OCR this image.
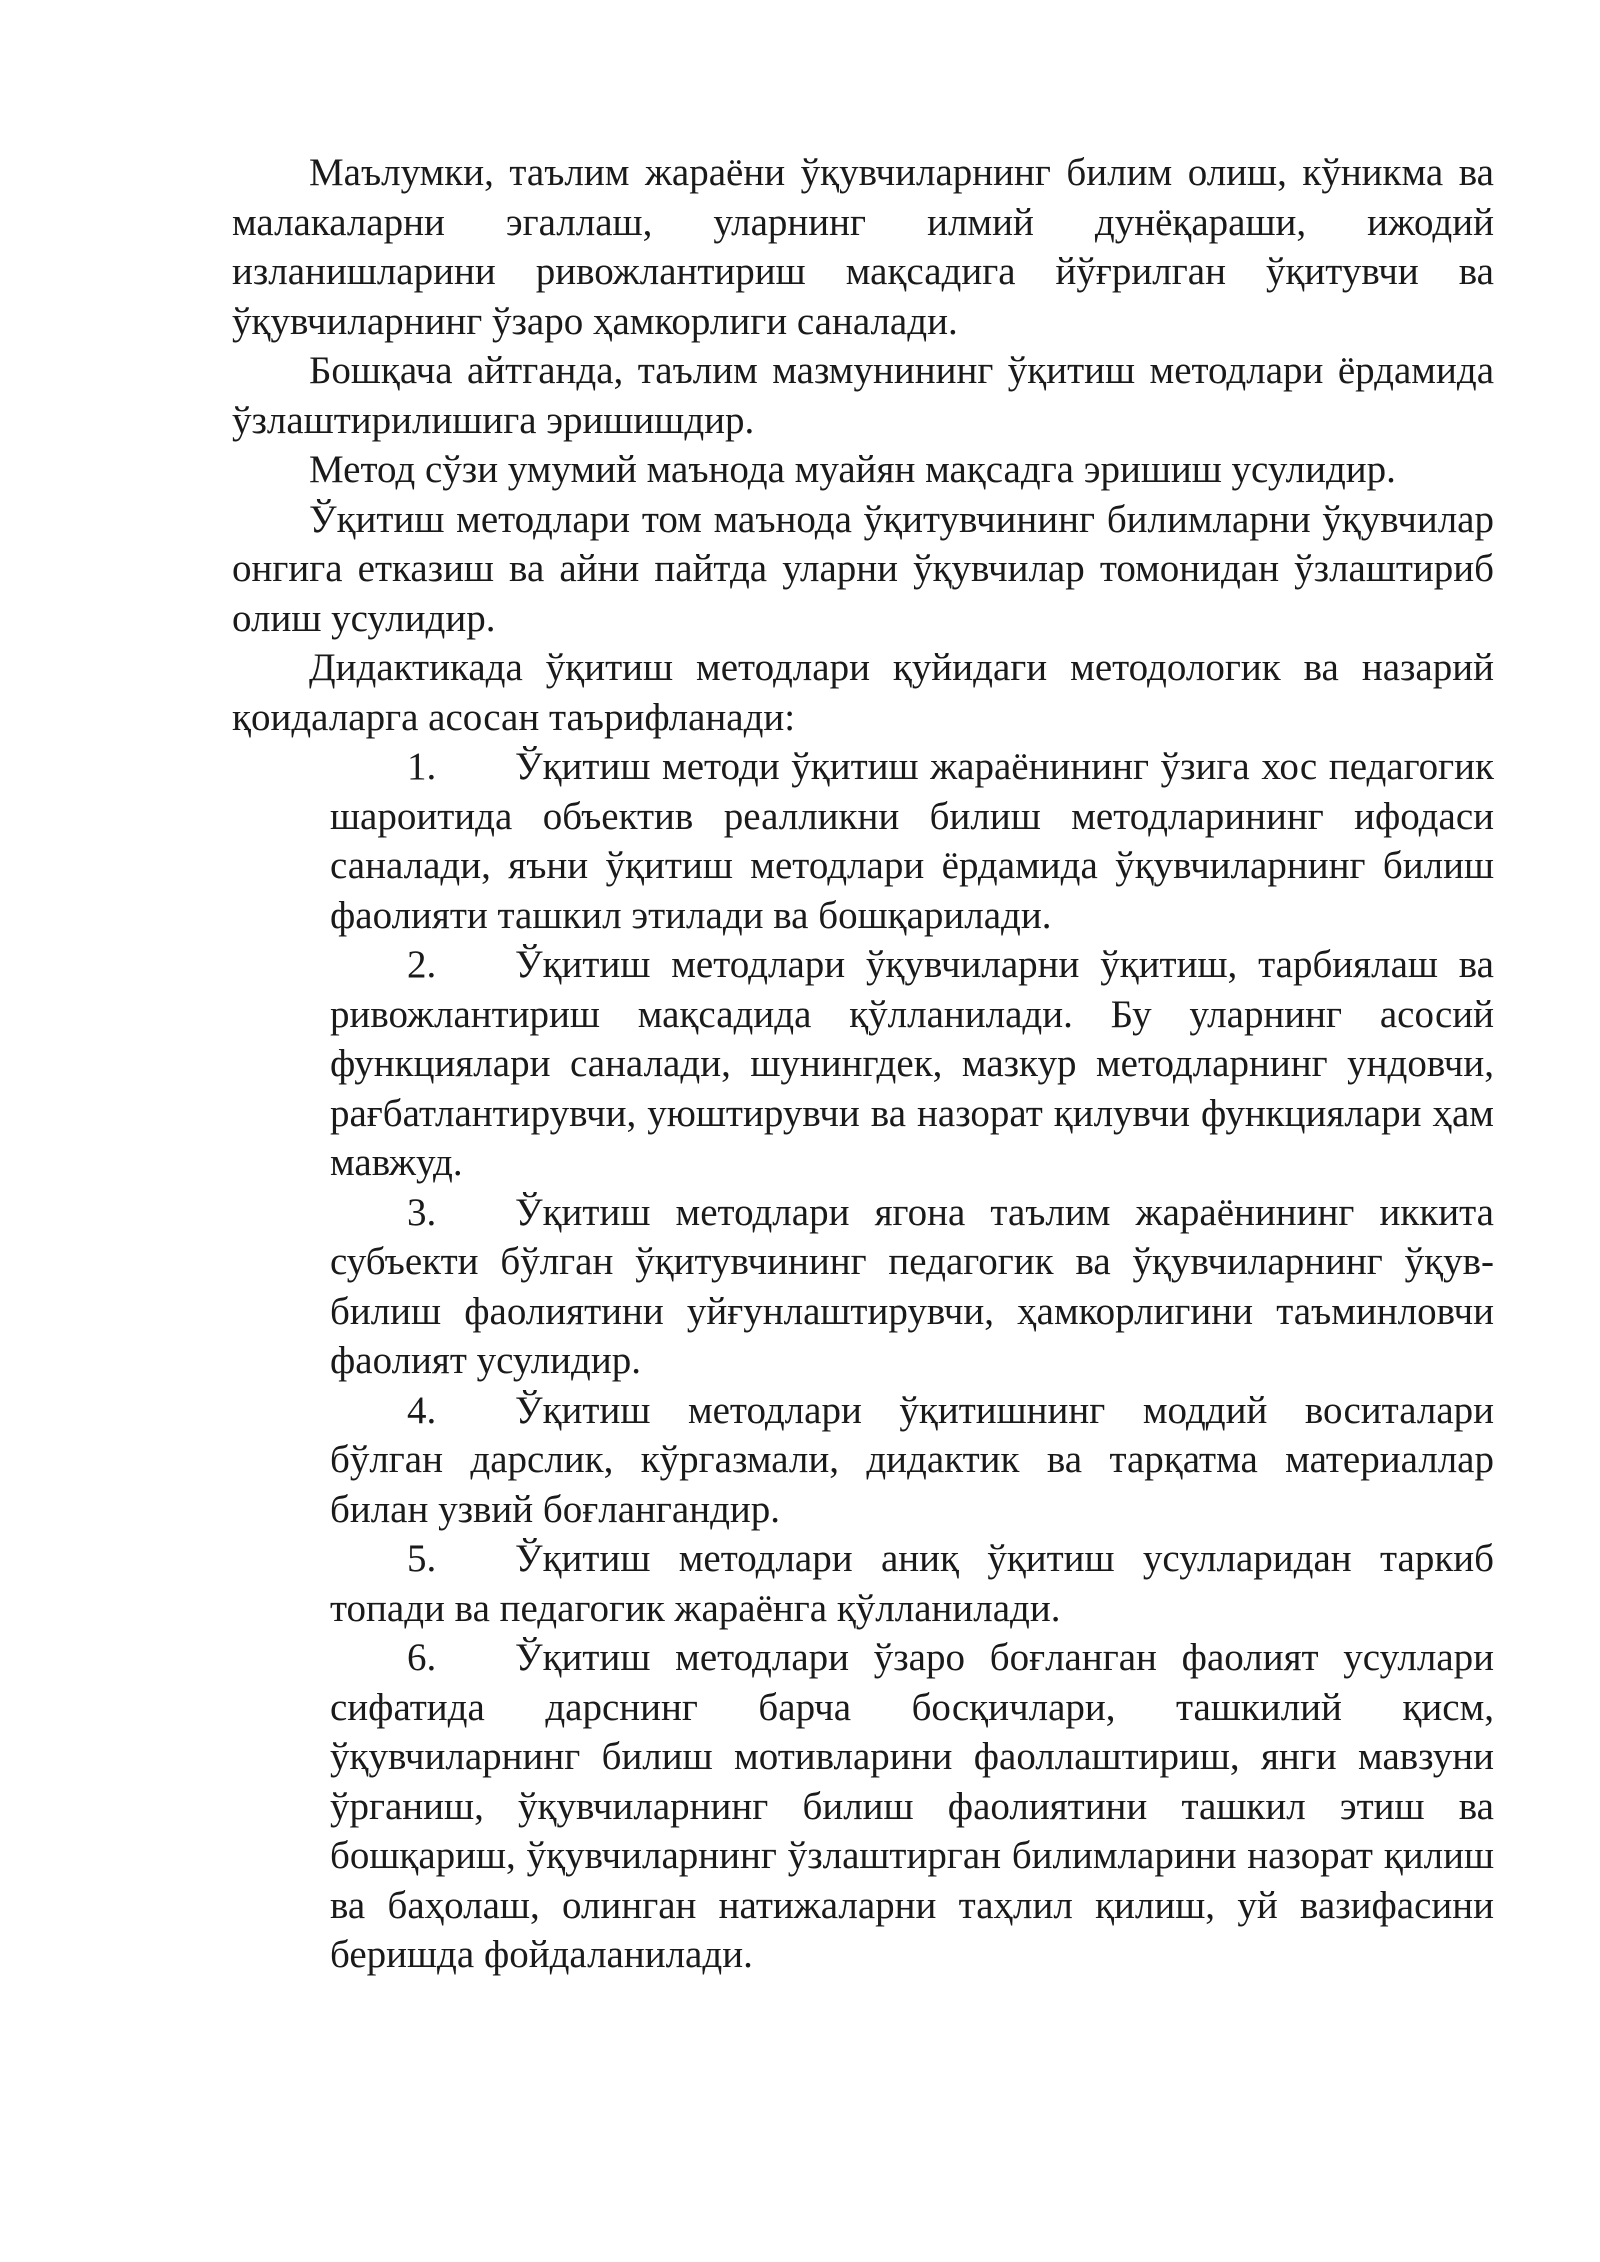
Маълумки, таълим жараёни ўқувчиларнинг билим олиш, кўникма ва малакаларни эгаллаш, уларнинг илмий дунёқараши, ижодий изланишларини ривожлантириш мақсадига йўғрилган ўқитувчи ва ўқувчиларнинг ўзаро ҳамкорлиги саналади.

Бошқача айтганда, таълим мазмунининг ўқитиш методлари ёрдамида ўзлаштирилишига эришишдир.

Метод сўзи умумий маънода муайян мақсадга эришиш усулидир.

Ўқитиш методлари том маънода ўқитувчининг билимларни ўқувчилар онгига етказиш ва айни пайтда уларни ўқувчилар томонидан ўзлаштириб олиш усулидир.

Дидактикада ўқитиш методлари қуйидаги методологик ва назарий қоидаларга асосан таърифланади:

1. Ўқитиш методи ўқитиш жараёнининг ўзига хос педагогик шароитида объектив реалликни билиш методларининг ифодаси саналади, яъни ўқитиш методлари ёрдамида ўқувчиларнинг билиш фаолияти ташкил этилади ва бошқарилади.
2. Ўқитиш методлари ўқувчиларни ўқитиш, тарбиялаш ва ривожлантириш мақсадида қўлланилади. Бу уларнинг асосий функциялари саналади, шунингдек, мазкур методларнинг ундовчи, рағбатлантирувчи, уюштирувчи ва назорат қилувчи функциялари ҳам мавжуд.
3. Ўқитиш методлари ягона таълим жараёнининг иккита субъекти бўлган ўқитувчининг педагогик ва ўқувчиларнинг ўқув-билиш фаолиятини уйғунлаштирувчи, ҳамкорлигини таъминловчи фаолият усулидир.
4. Ўқитиш методлари ўқитишнинг моддий воситалари бўлган дарслик, кўргазмали, дидактик ва тарқатма материаллар билан узвий боғлангандир.
5. Ўқитиш методлари аниқ ўқитиш усулларидан таркиб топади ва педагогик жараёнга қўлланилади.
6. Ўқитиш методлари ўзаро боғланган фаолият усуллари сифатида дарснинг барча босқичлари, ташкилий қисм, ўқувчиларнинг билиш мотивларини фаоллаштириш, янги мавзуни ўрганиш, ўқувчиларнинг билиш фаолиятини ташкил этиш ва бошқариш, ўқувчиларнинг ўзлаштирган билимларини назорат қилиш ва баҳолаш, олинган натижаларни таҳлил қилиш, уй вазифасини беришда фойдаланилади.
